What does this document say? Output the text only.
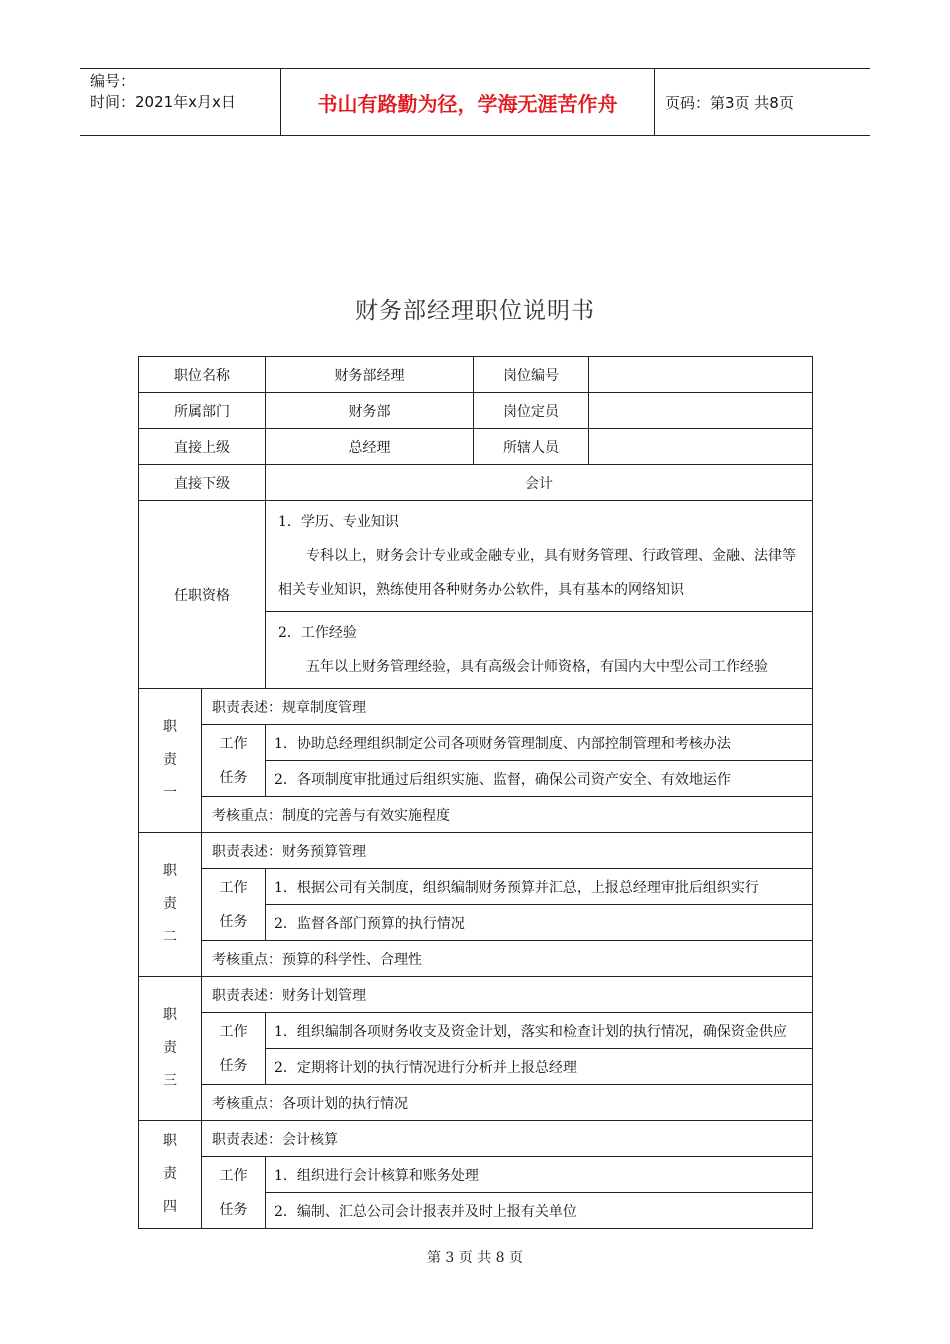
编号：
时间：2021年x月x日	书山有路勤为径，学海无涯苦作舟	页码：第3页 共8页
财务部经理职位说明书
职位名称		财务部经理	岗位编号	
所属部门		财务部	岗位定员	
直接上级		总经理	所辖人员	
直接下级		会计		
任职资格		1．学历、专业知识
专科以上，财务会计专业或金融专业，具有财务管理、行政管理、金融、法律等相关专业知识，熟练使用各种财务办公软件，具有基本的网络知识		

		2．工作经验
五年以上财务管理经验，具有高级会计师资格，有国内大中型公司工作经验		

职
责
一	职责表述：规章制度管理			

	工作
任务	1．协助总经理组织制定公司各项财务管理制度、内部控制管理和考核办法		
		2．各项制度审批通过后组织实施、监督，确保公司资产安全、有效地运作		
	考核重点：制度的完善与有效实施程度			

职
责
二	职责表述：财务预算管理			

	工作
任务	1．根据公司有关制度，组织编制财务预算并汇总，上报总经理审批后组织实行		
		2．监督各部门预算的执行情况		
	考核重点：预算的科学性、合理性			

职
责
三	职责表述：财务计划管理			

	工作
任务	1．组织编制各项财务收支及资金计划，落实和检查计划的执行情况，确保资金供应		
		2．定期将计划的执行情况进行分析并上报总经理		
	考核重点：各项计划的执行情况			

职
责
四	职责表述：会计核算			

	工作
任务	1．组织进行会计核算和账务处理		
		2．编制、汇总公司会计报表并及时上报有关单位		
第 3 页 共 8 页
